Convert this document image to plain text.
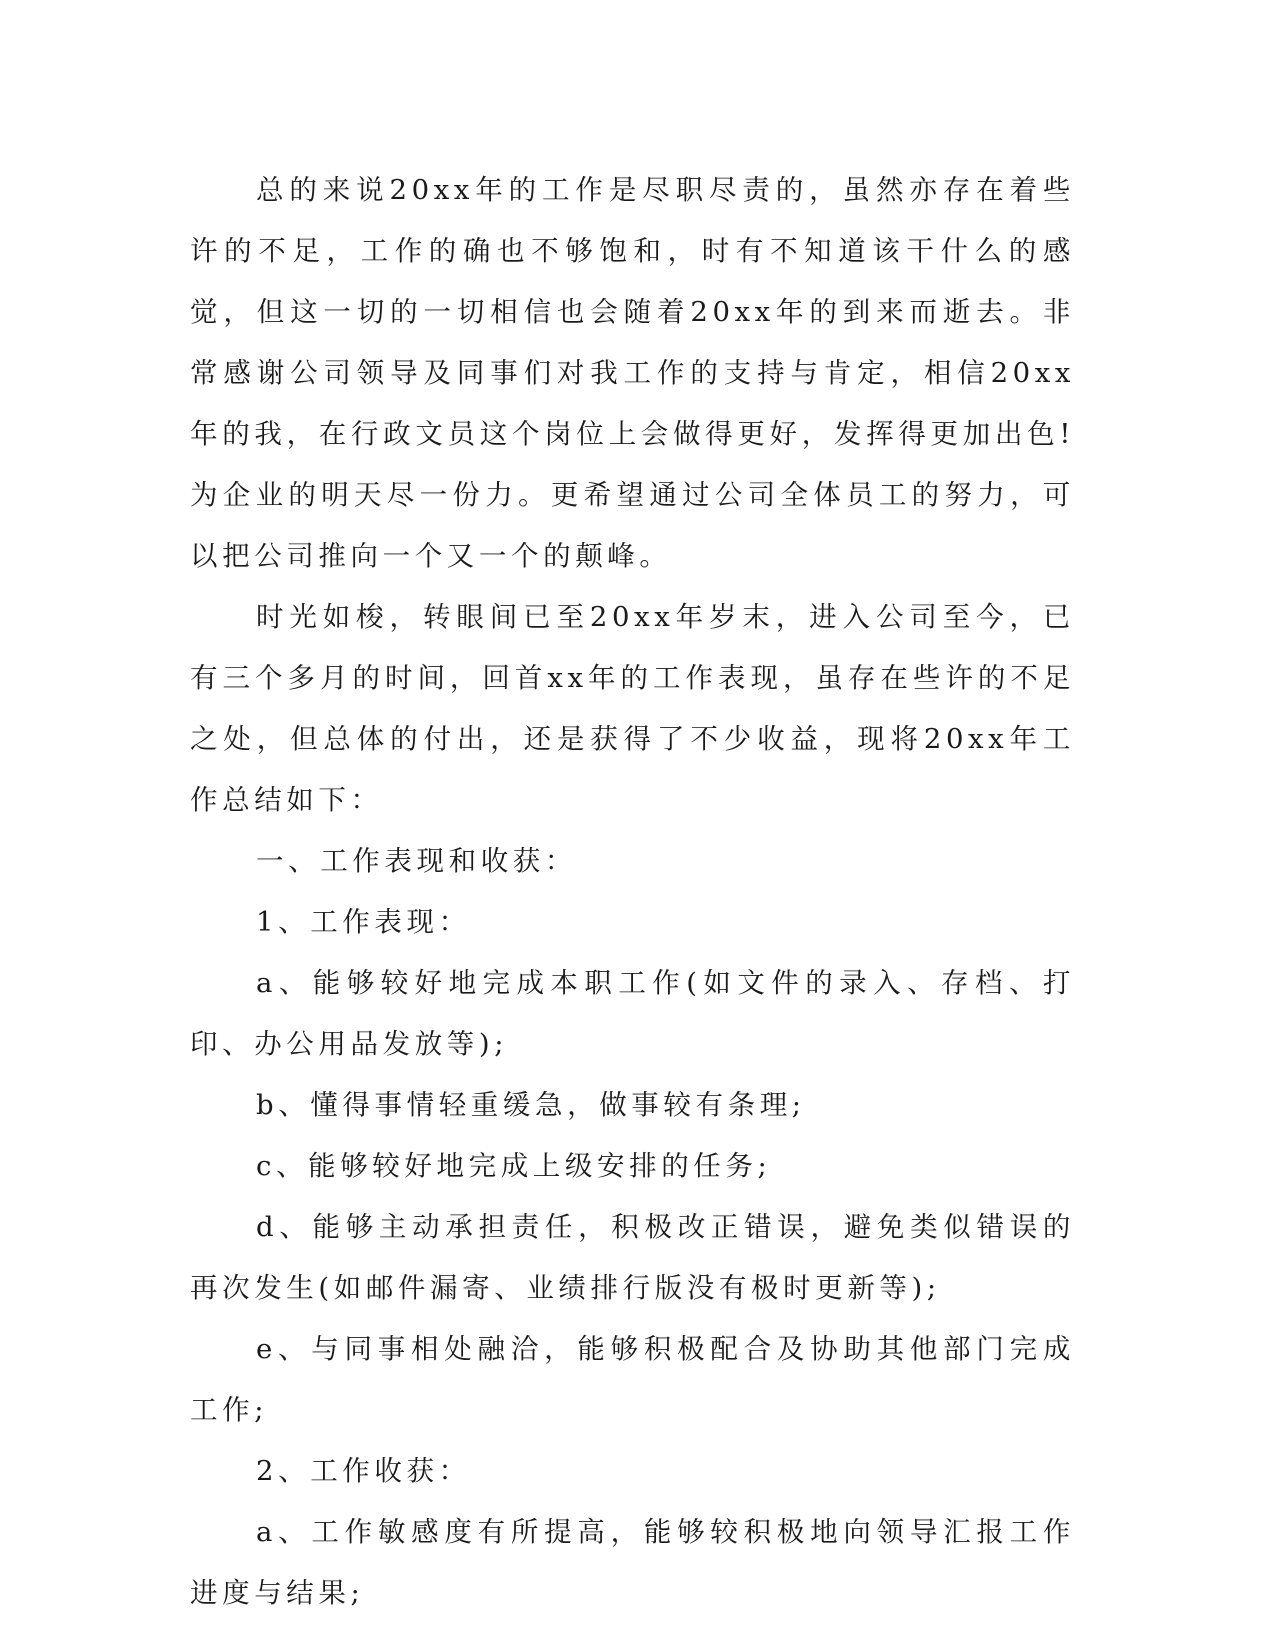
总的来说20xx年的工作是尽职尽责的，虽然亦存在着些许的不足，工作的确也不够饱和，时有不知道该干什么的感觉，但这一切的一切相信也会随着20xx年的到来而逝去。非常感谢公司领导及同事们对我工作的支持与肯定，相信20xx年的我，在行政文员这个岗位上会做得更好，发挥得更加出色!为企业的明天尽一份力。更希望通过公司全体员工的努力，可以把公司推向一个又一个的颠峰。

时光如梭，转眼间已至20xx年岁末，进入公司至今，已有三个多月的时间，回首xx年的工作表现，虽存在些许的不足之处，但总体的付出，还是获得了不少收益，现将20xx年工作总结如下：

一、工作表现和收获：

1、工作表现：

a、能够较好地完成本职工作(如文件的录入、存档、打印、办公用品发放等);

b、懂得事情轻重缓急，做事较有条理;

c、能够较好地完成上级安排的任务;

d、能够主动承担责任，积极改正错误，避免类似错误的再次发生(如邮件漏寄、业绩排行版没有极时更新等);

e、与同事相处融洽，能够积极配合及协助其他部门完成工作;

2、工作收获：

a、工作敏感度有所提高，能够较积极地向领导汇报工作进度与结果;
